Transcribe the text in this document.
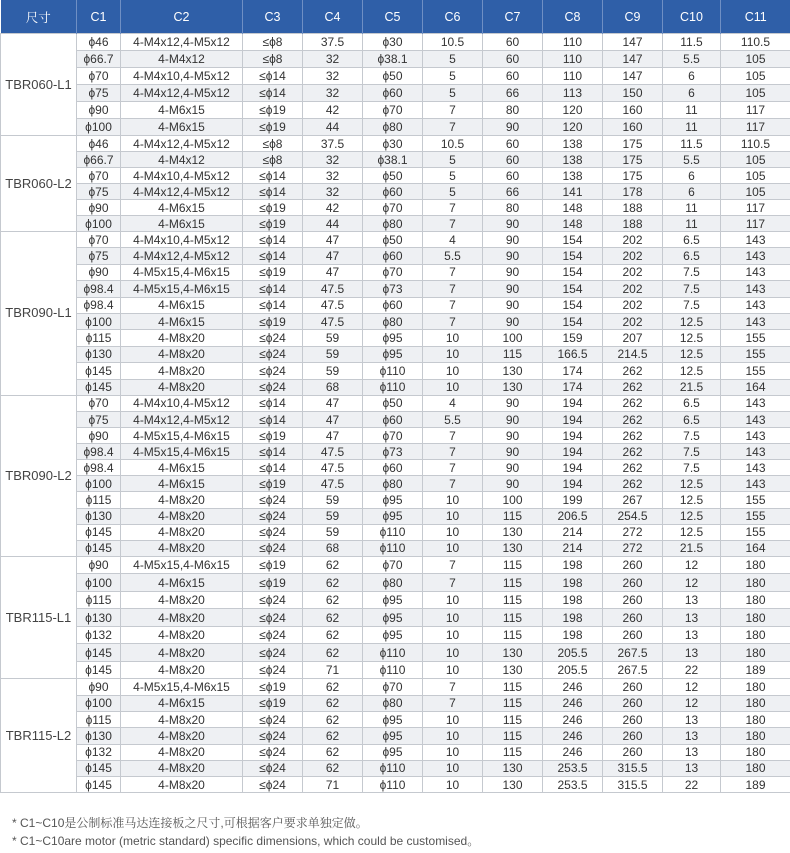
尺寸	C1	C2	C3	C4	C5	C6	C7	C8	C9	C10	C11
TBR060-L1	ϕ46	4-M4x12,4-M5x12	≤ϕ8	37.5	ϕ30	10.5	60	110	147	11.5	110.5
	ϕ66.7	4-M4x12	≤ϕ8	32	ϕ38.1	5	60	110	147	5.5	105
	ϕ70	4-M4x10,4-M5x12	≤ϕ14	32	ϕ50	5	60	110	147	6	105
	ϕ75	4-M4x12,4-M5x12	≤ϕ14	32	ϕ60	5	66	113	150	6	105
	ϕ90	4-M6x15	≤ϕ19	42	ϕ70	7	80	120	160	11	117
	ϕ100	4-M6x15	≤ϕ19	44	ϕ80	7	90	120	160	11	117
TBR060-L2	ϕ46	4-M4x12,4-M5x12	≤ϕ8	37.5	ϕ30	10.5	60	138	175	11.5	110.5
	ϕ66.7	4-M4x12	≤ϕ8	32	ϕ38.1	5	60	138	175	5.5	105
	ϕ70	4-M4x10,4-M5x12	≤ϕ14	32	ϕ50	5	60	138	175	6	105
	ϕ75	4-M4x12,4-M5x12	≤ϕ14	32	ϕ60	5	66	141	178	6	105
	ϕ90	4-M6x15	≤ϕ19	42	ϕ70	7	80	148	188	11	117
	ϕ100	4-M6x15	≤ϕ19	44	ϕ80	7	90	148	188	11	117
TBR090-L1	ϕ70	4-M4x10,4-M5x12	≤ϕ14	47	ϕ50	4	90	154	202	6.5	143
	ϕ75	4-M4x12,4-M5x12	≤ϕ14	47	ϕ60	5.5	90	154	202	6.5	143
	ϕ90	4-M5x15,4-M6x15	≤ϕ19	47	ϕ70	7	90	154	202	7.5	143
	ϕ98.4	4-M5x15,4-M6x15	≤ϕ14	47.5	ϕ73	7	90	154	202	7.5	143
	ϕ98.4	4-M6x15	≤ϕ14	47.5	ϕ60	7	90	154	202	7.5	143
	ϕ100	4-M6x15	≤ϕ19	47.5	ϕ80	7	90	154	202	12.5	143
	ϕ115	4-M8x20	≤ϕ24	59	ϕ95	10	100	159	207	12.5	155
	ϕ130	4-M8x20	≤ϕ24	59	ϕ95	10	115	166.5	214.5	12.5	155
	ϕ145	4-M8x20	≤ϕ24	59	ϕ110	10	130	174	262	12.5	155
	ϕ145	4-M8x20	≤ϕ24	68	ϕ110	10	130	174	262	21.5	164
TBR090-L2	ϕ70	4-M4x10,4-M5x12	≤ϕ14	47	ϕ50	4	90	194	262	6.5	143
	ϕ75	4-M4x12,4-M5x12	≤ϕ14	47	ϕ60	5.5	90	194	262	6.5	143
	ϕ90	4-M5x15,4-M6x15	≤ϕ19	47	ϕ70	7	90	194	262	7.5	143
	ϕ98.4	4-M5x15,4-M6x15	≤ϕ14	47.5	ϕ73	7	90	194	262	7.5	143
	ϕ98.4	4-M6x15	≤ϕ14	47.5	ϕ60	7	90	194	262	7.5	143
	ϕ100	4-M6x15	≤ϕ19	47.5	ϕ80	7	90	194	262	12.5	143
	ϕ115	4-M8x20	≤ϕ24	59	ϕ95	10	100	199	267	12.5	155
	ϕ130	4-M8x20	≤ϕ24	59	ϕ95	10	115	206.5	254.5	12.5	155
	ϕ145	4-M8x20	≤ϕ24	59	ϕ110	10	130	214	272	12.5	155
	ϕ145	4-M8x20	≤ϕ24	68	ϕ110	10	130	214	272	21.5	164
TBR115-L1	ϕ90	4-M5x15,4-M6x15	≤ϕ19	62	ϕ70	7	115	198	260	12	180
	ϕ100	4-M6x15	≤ϕ19	62	ϕ80	7	115	198	260	12	180
	ϕ115	4-M8x20	≤ϕ24	62	ϕ95	10	115	198	260	13	180
	ϕ130	4-M8x20	≤ϕ24	62	ϕ95	10	115	198	260	13	180
	ϕ132	4-M8x20	≤ϕ24	62	ϕ95	10	115	198	260	13	180
	ϕ145	4-M8x20	≤ϕ24	62	ϕ110	10	130	205.5	267.5	13	180
	ϕ145	4-M8x20	≤ϕ24	71	ϕ110	10	130	205.5	267.5	22	189
TBR115-L2	ϕ90	4-M5x15,4-M6x15	≤ϕ19	62	ϕ70	7	115	246	260	12	180
	ϕ100	4-M6x15	≤ϕ19	62	ϕ80	7	115	246	260	12	180
	ϕ115	4-M8x20	≤ϕ24	62	ϕ95	10	115	246	260	13	180
	ϕ130	4-M8x20	≤ϕ24	62	ϕ95	10	115	246	260	13	180
	ϕ132	4-M8x20	≤ϕ24	62	ϕ95	10	115	246	260	13	180
	ϕ145	4-M8x20	≤ϕ24	62	ϕ110	10	130	253.5	315.5	13	180
	ϕ145	4-M8x20	≤ϕ24	71	ϕ110	10	130	253.5	315.5	22	189
* C1~C10是公制标准马达连接板之尺寸,可根据客户要求单独定做。
* C1~C10are motor (metric standard) specific dimensions, which could be customised。
